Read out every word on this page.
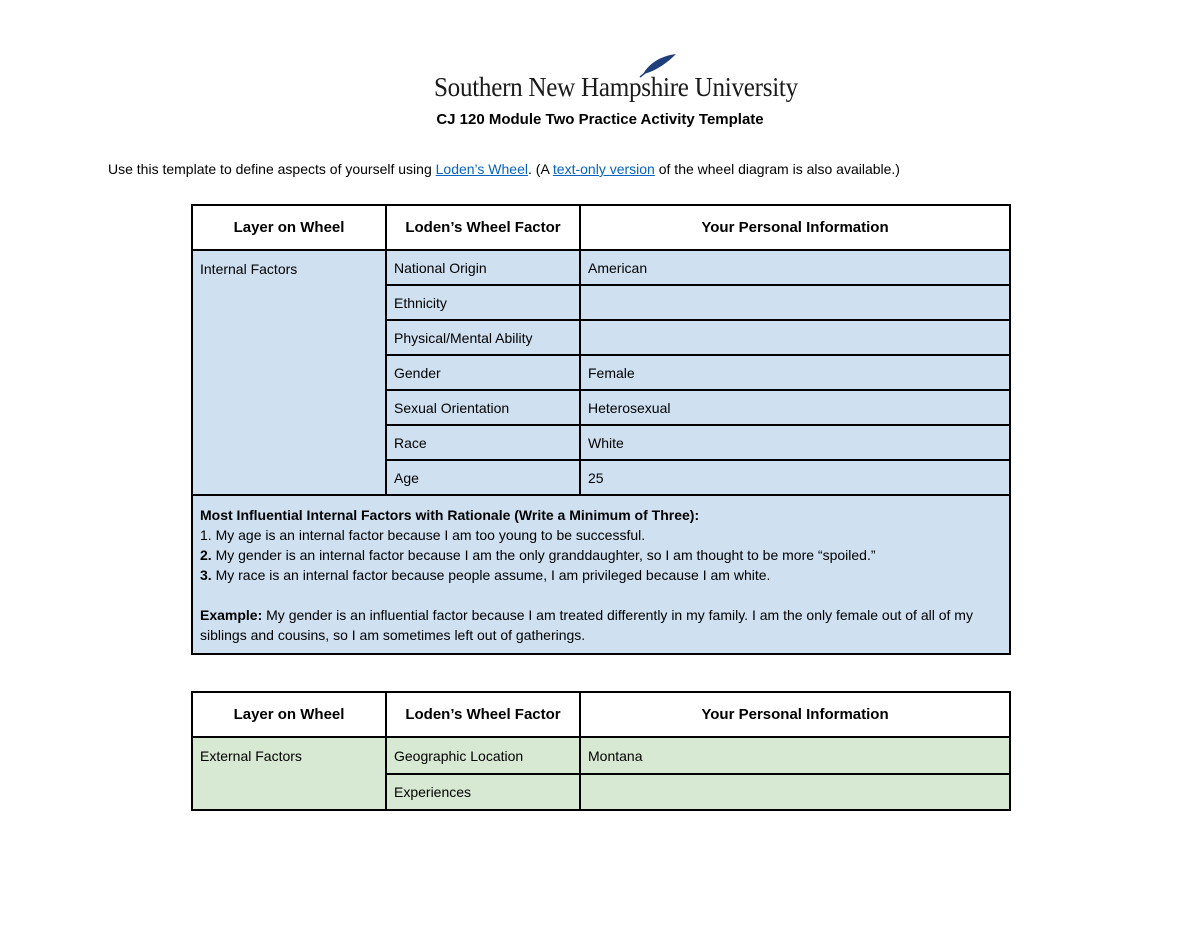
Southern New Hampshire University
CJ 120 Module Two Practice Activity Template
Use this template to define aspects of yourself using Loden’s Wheel. (A text-only version of the wheel diagram is also available.)
Layer on Wheel	Loden’s Wheel Factor	Your Personal Information
Internal Factors	National Origin	American
	Ethnicity	
	Physical/Mental Ability	
	Gender	Female
	Sexual Orientation	Heterosexual
	Race	White
	Age	25

Most Influential Internal Factors with Rationale (Write a Minimum of Three):
1. My age is an internal factor because I am too young to be successful.
2. My gender is an internal factor because I am the only granddaughter, so I am thought to be more “spoiled.”
3. My race is an internal factor because people assume, I am privileged because I am white.
Example: My gender is an influential factor because I am treated differently in my family. I am the only female out of all of my siblings and cousins, so I am sometimes left out of gatherings.		
Layer on Wheel	Loden’s Wheel Factor	Your Personal Information
External Factors	Geographic Location	Montana
	Experiences	
